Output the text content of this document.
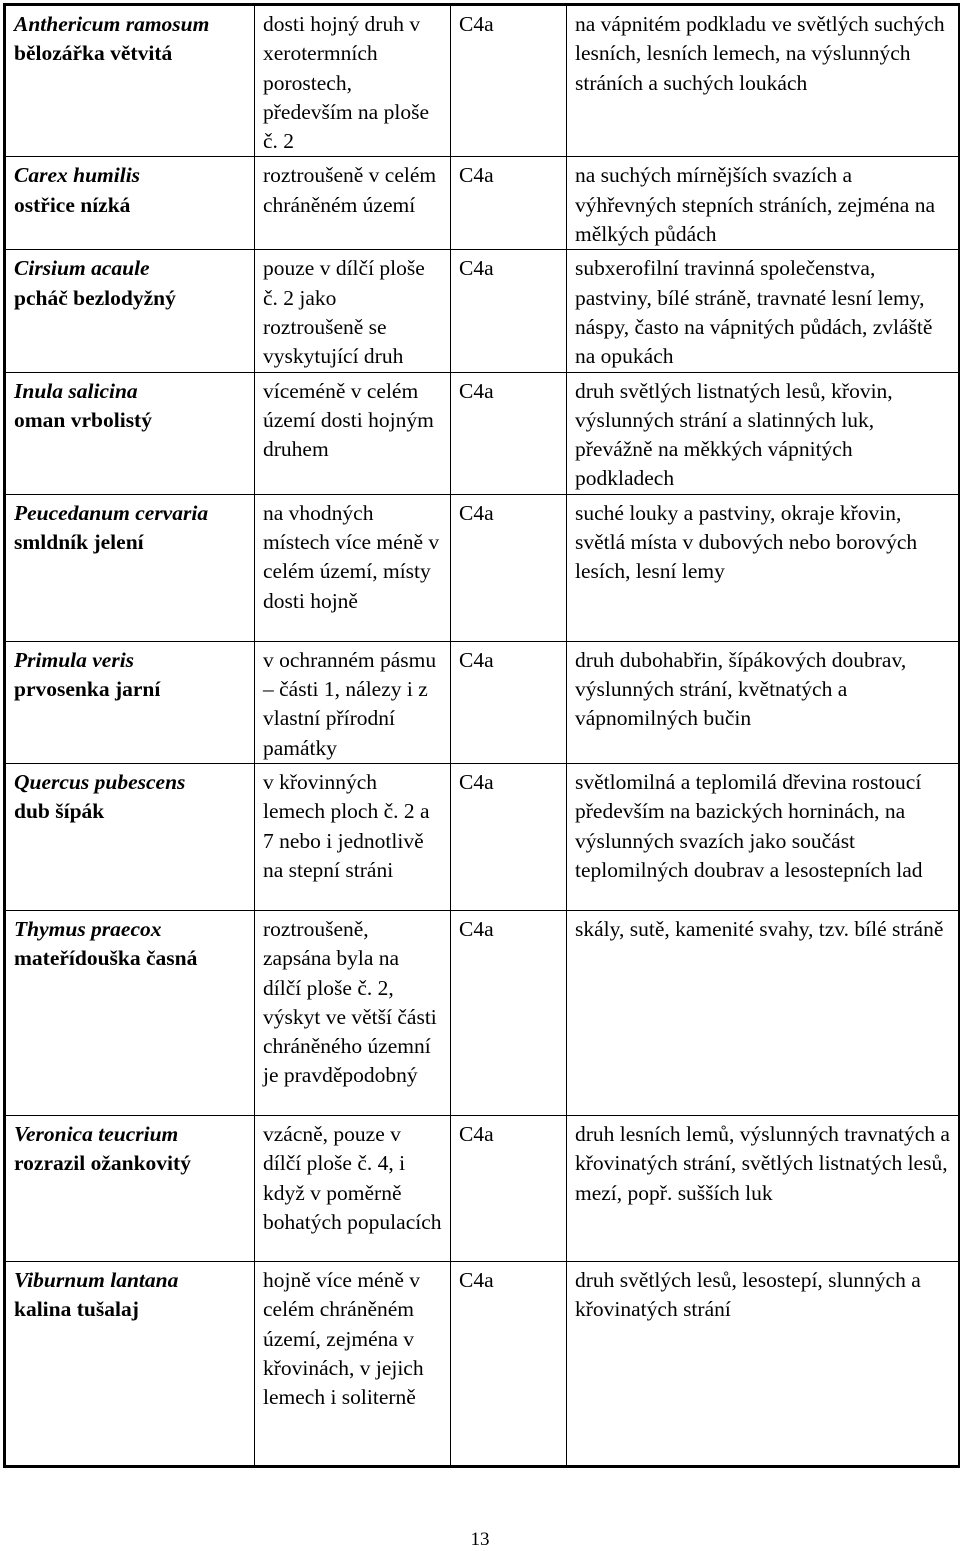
Anthericum ramosum
bělozářka větvitá	dosti hojný druh v xerotermních porostech, především na ploše č. 2	C4a	na vápnitém podkladu ve světlých suchých lesních, lesních lemech, na výslunných stráních a suchých loukách

Carex humilis
ostřice nízká	roztroušeně v celém chráněném území	C4a	na suchých mírnějších svazích a výhřevných stepních stráních, zejména na mělkých půdách

Cirsium acaule
pcháč bezlodyžný	pouze v dílčí ploše č. 2 jako roztroušeně se vyskytující druh	C4a	subxerofilní travinná společenstva, pastviny, bílé stráně, travnaté lesní lemy, náspy, často na vápnitých půdách, zvláště na opukách

Inula salicina
oman vrbolistý	víceméně v celém území dosti hojným druhem	C4a	druh světlých listnatých lesů, křovin, výslunných strání a slatinných luk, převážně na měkkých vápnitých podkladech

Peucedanum cervaria
smldník jelení	na vhodných místech více méně v celém území, místy dosti hojně	C4a	suché louky a pastviny, okraje křovin, světlá místa v dubových nebo borových lesích, lesní lemy

Primula veris
prvosenka jarní	v ochranném pásmu – části 1, nálezy i z vlastní přírodní památky	C4a	druh dubohabřin, šípákových doubrav, výslunných strání, květnatých a vápnomilných bučin

Quercus pubescens
dub šípák	v křovinných lemech ploch č. 2 a 7 nebo i jednotlivě na stepní stráni	C4a	světlomilná a teplomilá dřevina rostoucí především na bazických horninách, na výslunných svazích jako součást teplomilných doubrav a lesostepních lad

Thymus praecox
mateřídouška časná	roztroušeně, zapsána byla na dílčí ploše č. 2, výskyt ve větší části chráněného územní je pravděpodobný	C4a	skály, sutě, kamenité svahy, tzv. bílé stráně

Veronica teucrium
rozrazil ožankovitý	vzácně, pouze v dílčí ploše č. 4, i když v poměrně bohatých populacích	C4a	druh lesních lemů, výslunných travnatých a křovinatých strání, světlých listnatých lesů, mezí, popř. sušších luk

Viburnum lantana
kalina tušalaj	hojně více méně v celém chráněném území, zejména v křovinách, v jejich lemech i soliterně	C4a	druh světlých lesů, lesostepí, slunných a křovinatých strání
13
